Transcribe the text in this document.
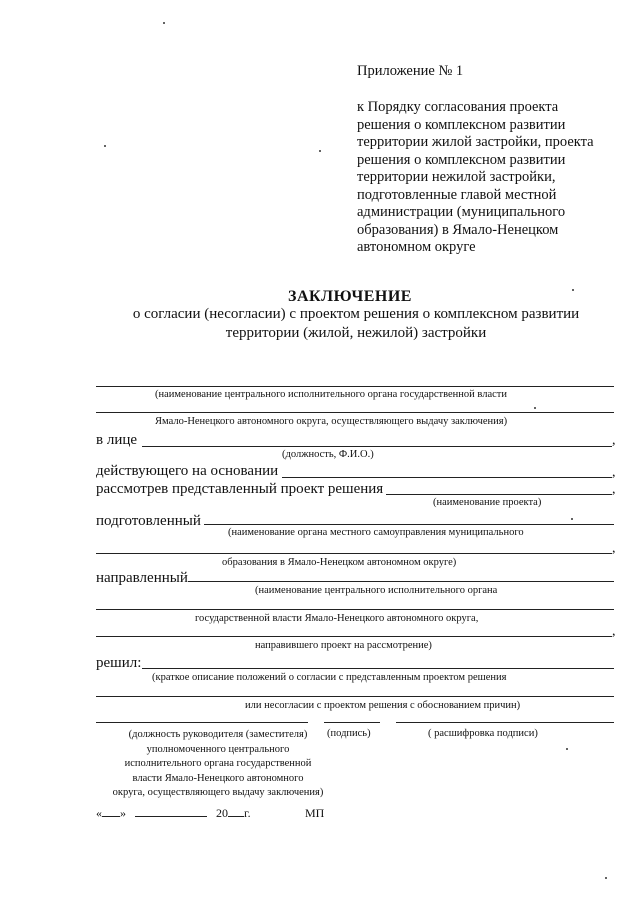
Приложение № 1
к Порядку согласования проекта
решения о комплексном развитии
территории жилой застройки, проекта
решения о комплексном развитии
территории нежилой застройки,
подготовленные главой местной
администрации (муниципального
образования) в Ямало-Ненецком
автономном округе
ЗАКЛЮЧЕНИЕ
о согласии (несогласии) с проектом решения о комплексном развитии
территории (жилой, нежилой) застройки
(наименование центрального исполнительного органа государственной власти
Ямало-Ненецкого автономного округа, осуществляющего выдачу заключения)
в лице	,
(должность, Ф.И.О.)
действующего на основании	,
рассмотрев представленный проект решения	,
(наименование проекта)
подготовленный
(наименование органа местного самоуправления муниципального
,
образования в Ямало-Ненецком автономном округе)
направленный
(наименование центрального исполнительного органа
государственной власти Ямало-Ненецкого автономного округа,
,
направившего проект на рассмотрение)
решил:
(краткое описание положений о согласии с представленным проектом решения
или несогласии с проектом решения с обоснованием причин)
(должность руководителя (заместителя)
уполномоченного центрального
исполнительного органа государственной
власти Ямало-Ненецкого автономного
округа, осуществляющего выдачу заключения)
(подпись)	( расшифровка подписи)
« »	20 г.	МП
